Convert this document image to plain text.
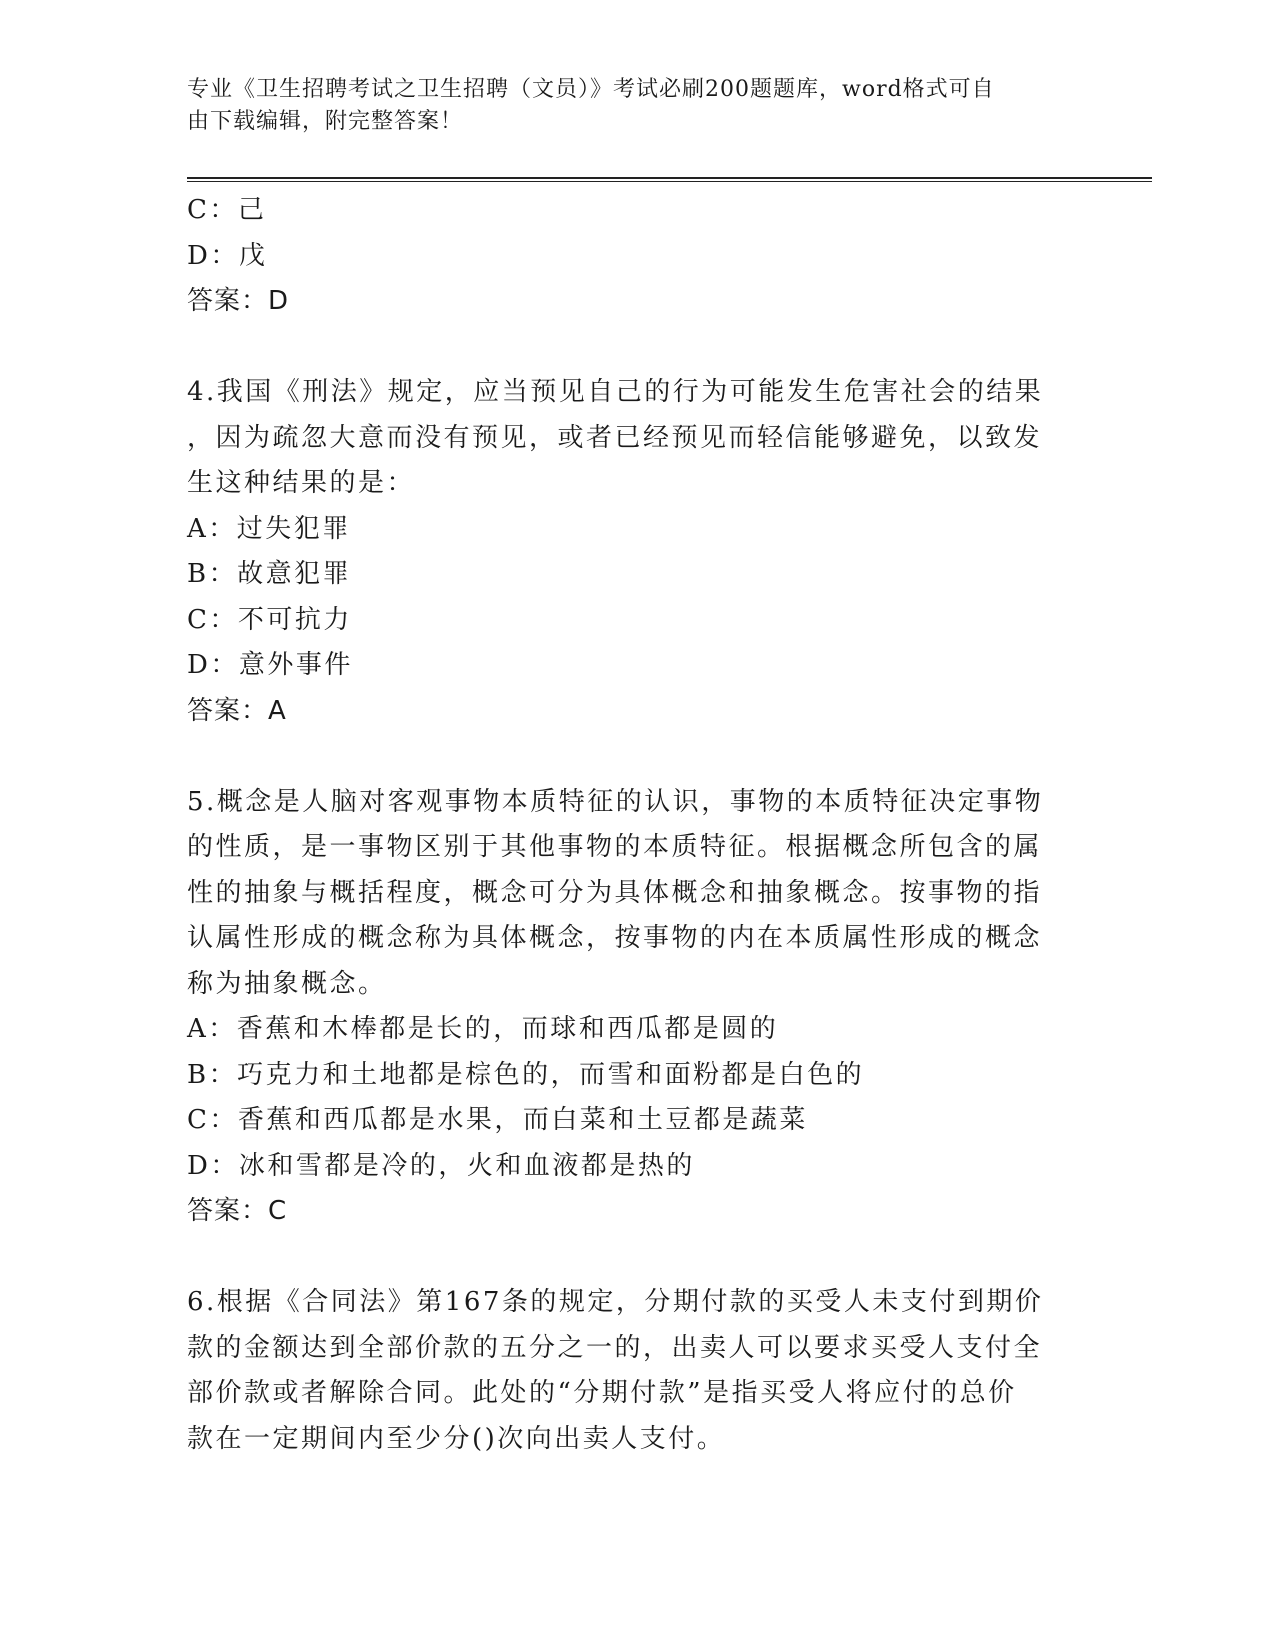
专业《卫生招聘考试之卫生招聘（文员）》考试必刷200题题库，word格式可自
由下载编辑，附完整答案！
C：己
D：戊
答案：D
4.我国《刑法》规定，应当预见自己的行为可能发生危害社会的结果
，因为疏忽大意而没有预见，或者已经预见而轻信能够避免，以致发
生这种结果的是：
A：过失犯罪
B：故意犯罪
C：不可抗力
D：意外事件
答案：A
5.概念是人脑对客观事物本质特征的认识，事物的本质特征决定事物
的性质，是一事物区别于其他事物的本质特征。根据概念所包含的属
性的抽象与概括程度，概念可分为具体概念和抽象概念。按事物的指
认属性形成的概念称为具体概念，按事物的内在本质属性形成的概念
称为抽象概念。
A：香蕉和木棒都是长的，而球和西瓜都是圆的
B：巧克力和土地都是棕色的，而雪和面粉都是白色的
C：香蕉和西瓜都是水果，而白菜和土豆都是蔬菜
D：冰和雪都是冷的，火和血液都是热的
答案：C
6.根据《合同法》第167条的规定，分期付款的买受人未支付到期价
款的金额达到全部价款的五分之一的，出卖人可以要求买受人支付全
部价款或者解除合同。此处的“分期付款”是指买受人将应付的总价
款在一定期间内至少分()次向出卖人支付。
